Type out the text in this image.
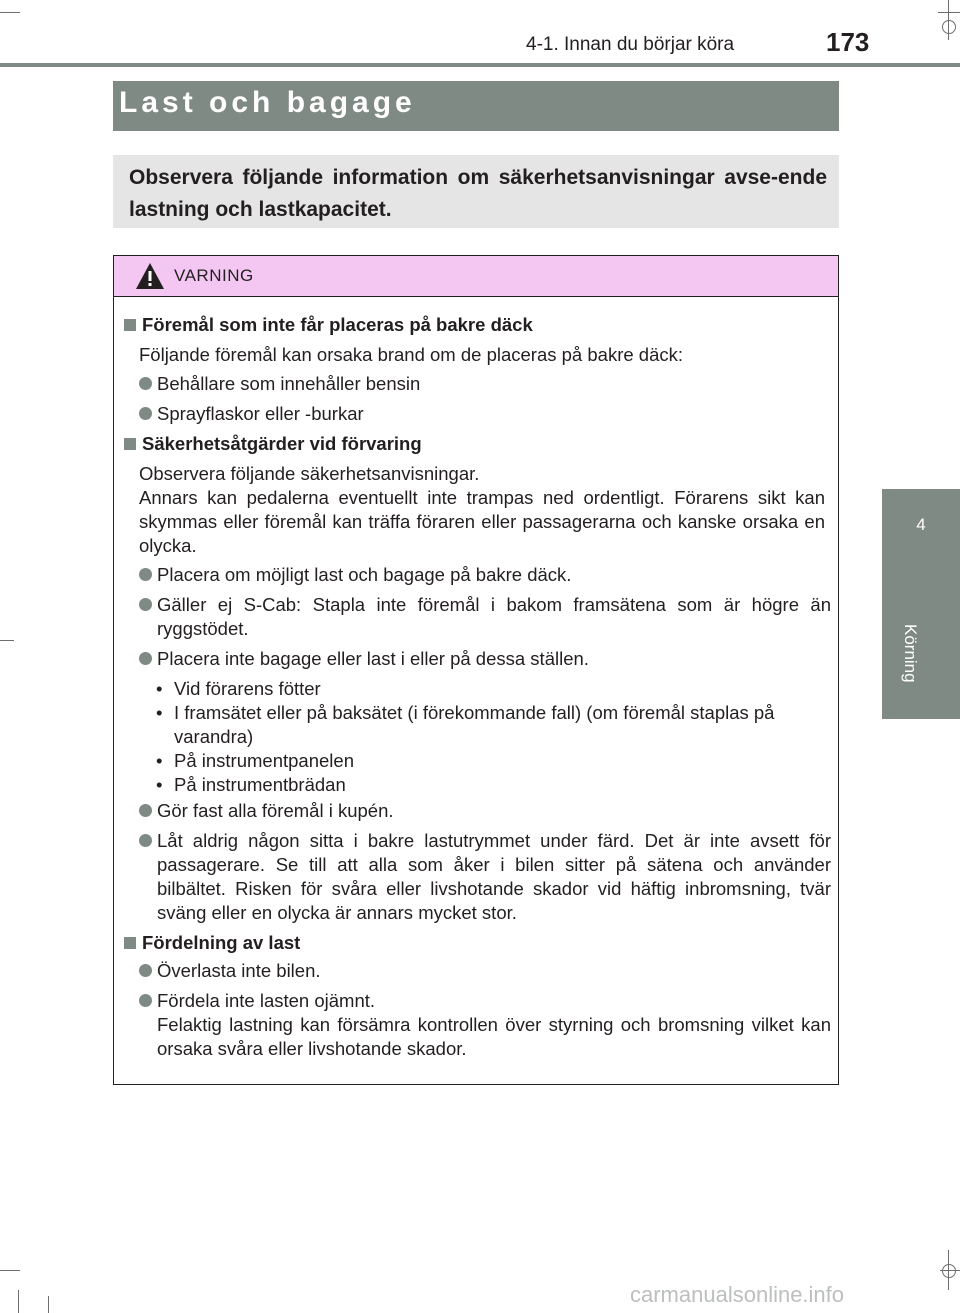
4-1. Innan du börjar köra	173
Last och bagage
Observera följande information om säkerhetsanvisningar avse-ende lastning och lastkapacitet.
4
Körning
VARNING
Föremål som inte får placeras på bakre däck
Följande föremål kan orsaka brand om de placeras på bakre däck:
Behållare som innehåller bensin
Sprayflaskor eller -burkar
Säkerhetsåtgärder vid förvaring
Observera följande säkerhetsanvisningar.
Annars kan pedalerna eventuellt inte trampas ned ordentligt. Förarens sikt kan skymmas eller föremål kan träffa föraren eller passagerarna och kanske orsaka en olycka.
Placera om möjligt last och bagage på bakre däck.
Gäller ej S-Cab: Stapla inte föremål i bakom framsätena som är högre än ryggstödet.
Placera inte bagage eller last i eller på dessa ställen.
• Vid förarens fötter
• I framsätet eller på baksätet (i förekommande fall) (om föremål staplas på varandra)
• På instrumentpanelen
• På instrumentbrädan
Gör fast alla föremål i kupén.
Låt aldrig någon sitta i bakre lastutrymmet under färd. Det är inte avsett för passagerare. Se till att alla som åker i bilen sitter på sätena och använder bilbältet. Risken för svåra eller livshotande skador vid häftig inbromsning, tvär sväng eller en olycka är annars mycket stor.
Fördelning av last
Överlasta inte bilen.
Fördela inte lasten ojämnt.
Felaktig lastning kan försämra kontrollen över styrning och bromsning vilket kan orsaka svåra eller livshotande skador.
carmanualsonline.info
